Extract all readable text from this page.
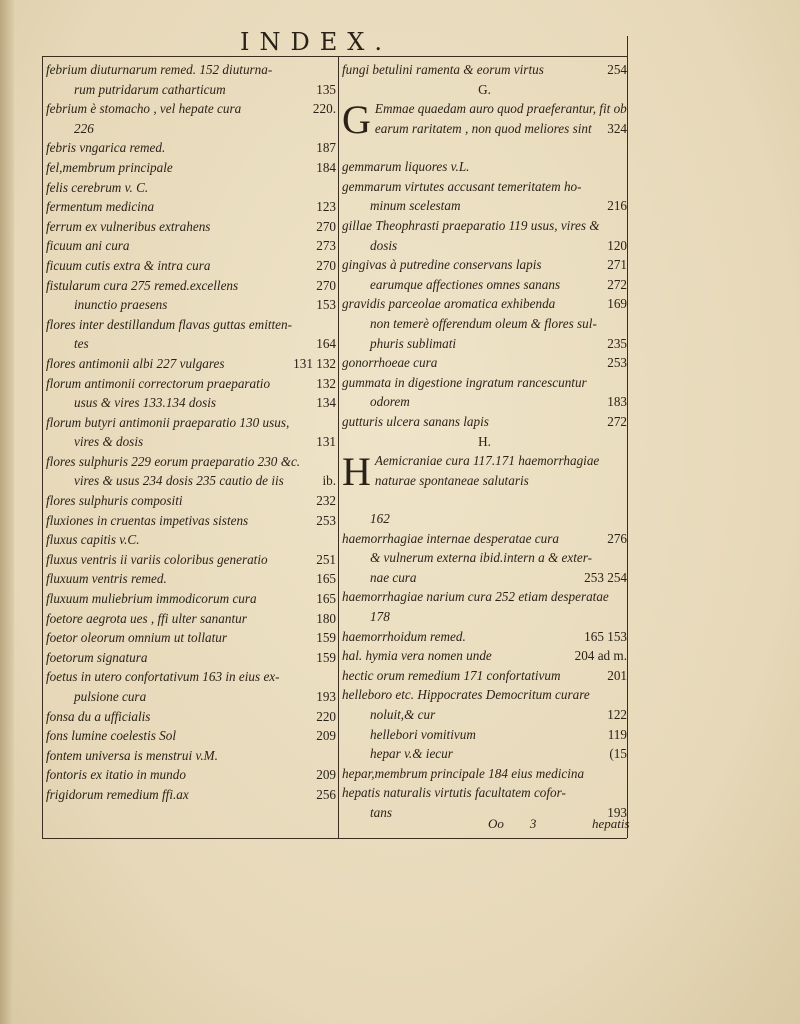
INDEX.
febrium diuturnarum remed. 152 diuturna-
rum putridarum catharticum	135
febrium è stomacho , vel hepate cura	220.
226
febris vngarica remed.	187
fel,membrum principale	184
felis cerebrum v. C.
fermentum medicina	123
ferrum ex vulneribus extrahens	270
ficuum ani cura	273
ficuum cutis extra & intra cura	270
fistularum cura 275 remed.excellens	270
inunctio praesens	153
flores inter destillandum flavas guttas emitten-
tes	164
flores antimonii albi 227 vulgares	131 132
florum antimonii correctorum praeparatio	132
usus & vires 133.134 dosis	134
florum butyri antimonii praeparatio 130 usus,
vires & dosis	131
flores sulphuris 229 eorum praeparatio 230 &c.
vires & usus 234 dosis 235 cautio de iis	ib.
flores sulphuris compositi	232
fluxiones in cruentas impetivas sistens	253
fluxus capitis v.C.
fluxus ventris ii variis coloribus generatio	251
fluxuum ventris remed.	165
fluxuum muliebrium immodicorum cura	165
foetore aegrota ues , ffi ulter sanantur	180
foetor oleorum omnium ut tollatur	159
foetorum signatura	159
foetus in utero confortativum 163 in eius ex-
pulsione cura	193
fonsa du a ufficialis	220
fons lumine coelestis Sol	209
fontem universa is menstrui v.M.
fontoris ex itatio in mundo	209
frigidorum remedium ffi.ax	256
fungi betulini ramenta & eorum virtus	254
G.
G Emmae quaedam auro quod praeferantur, fit ob earum raritatem , non quod meliores sint 324
gemmarum liquores v.L.
gemmarum virtutes accusant temeritatem ho-
minum scelestam	216
gillae Theophrasti praeparatio 119 usus, vires &
dosis	120
gingivas à putredine conservans lapis	271
earumque affectiones omnes sanans	272
gravidis parceolae aromatica exhibenda	169
non temerè offerendum oleum & flores sul-
phuris sublimati	235
gonorrhoeae cura	253
gummata in digestione ingratum rancescuntur
odorem	183
gutturis ulcera sanans lapis	272
H.
H Aemicraniae cura 117.171 haemorrhagiae naturae spontaneae salutaris
162
haemorrhagiae internae desperatae cura	276
& vulnerum externa ibid.intern a & exter-
nae cura	253 254
haemorrhagiae narium cura 252 etiam desperatae
178
haemorrhoidum remed.	165 153
hal. hymia vera nomen unde	204 ad m.
hectic orum remedium 171 confortativum	201
helleboro etc. Hippocrates Democritum curare
noluit,& cur	122
hellebori vomitivum	119
hepar v.& iecur	(15
hepar,membrum principale 184 eius medicina
hepatis naturalis virtutis facultatem cofor-
tans	193
Oo 3	hepatis
